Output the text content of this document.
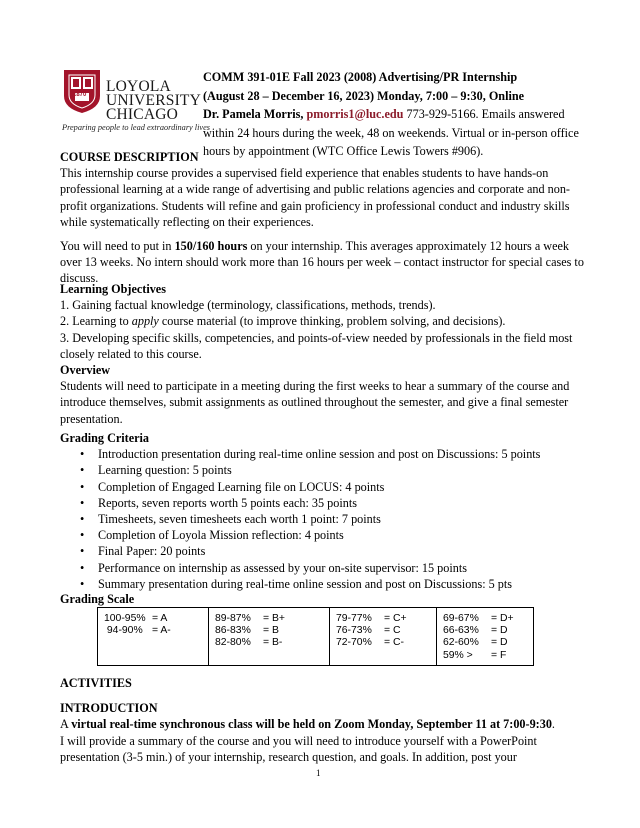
1870 LOYOLA
UNIVERSITY
CHICAGO
Preparing people to lead extraordinary lives
COMM 391-01E Fall 2023 (2008) Advertising/PR Internship
(August 28 – December 16, 2023) Monday, 7:00 – 9:30, Online
Dr. Pamela Morris, pmorris1@luc.edu 773-929-5166. Emails answered within 24 hours during the week, 48 on weekends. Virtual or in-person office hours by appointment (WTC Office Lewis Towers #906).
COURSE DESCRIPTION

This internship course provides a supervised field experience that enables students to have hands-on professional learning at a wide range of advertising and public relations agencies and corporate and non-profit organizations. Students will refine and gain proficiency in professional conduct and industry skills while systematically reflecting on their experiences.

You will need to put in 150/160 hours on your internship. This averages approximately 12 hours a week over 13 weeks. No intern should work more than 16 hours per week – contact instructor for special cases to discuss.

Learning Objectives

1. Gaining factual knowledge (terminology, classifications, methods, trends).

2. Learning to apply course material (to improve thinking, problem solving, and decisions).

3. Developing specific skills, competencies, and points-of-view needed by professionals in the field most closely related to this course.

Overview

Students will need to participate in a meeting during the first weeks to hear a summary of the course and introduce themselves, submit assignments as outlined throughout the semester, and give a final semester presentation.

Grading Criteria
• Introduction presentation during real-time online session and post on Discussions: 5 points
• Learning question: 5 points
• Completion of Engaged Learning file on LOCUS: 4 points
• Reports, seven reports worth 5 points each: 35 points
• Timesheets, seven timesheets each worth 1 point: 7 points
• Completion of Loyola Mission reflection: 4 points
• Final Paper: 20 points
• Performance on internship as assessed by your on-site supervisor: 15 points
• Summary presentation during real-time online session and post on Discussions: 5 pts
Grading Scale
100-95% = A
94-90% = A-

89-87%	= B+
86-83%	= B
82-80%	= B-

79-77%	= C+
76-73%	= C
72-70%	= C-

69-67%	= D+
66-63%	= D
62-60%	= D
59% >	= F
ACTIVITIES
INTRODUCTION

A virtual real-time synchronous class will be held on Zoom Monday, September 11 at 7:00-9:30.

I will provide a summary of the course and you will need to introduce yourself with a PowerPoint presentation (3-5 min.) of your internship, research question, and goals. In addition, post your

1
